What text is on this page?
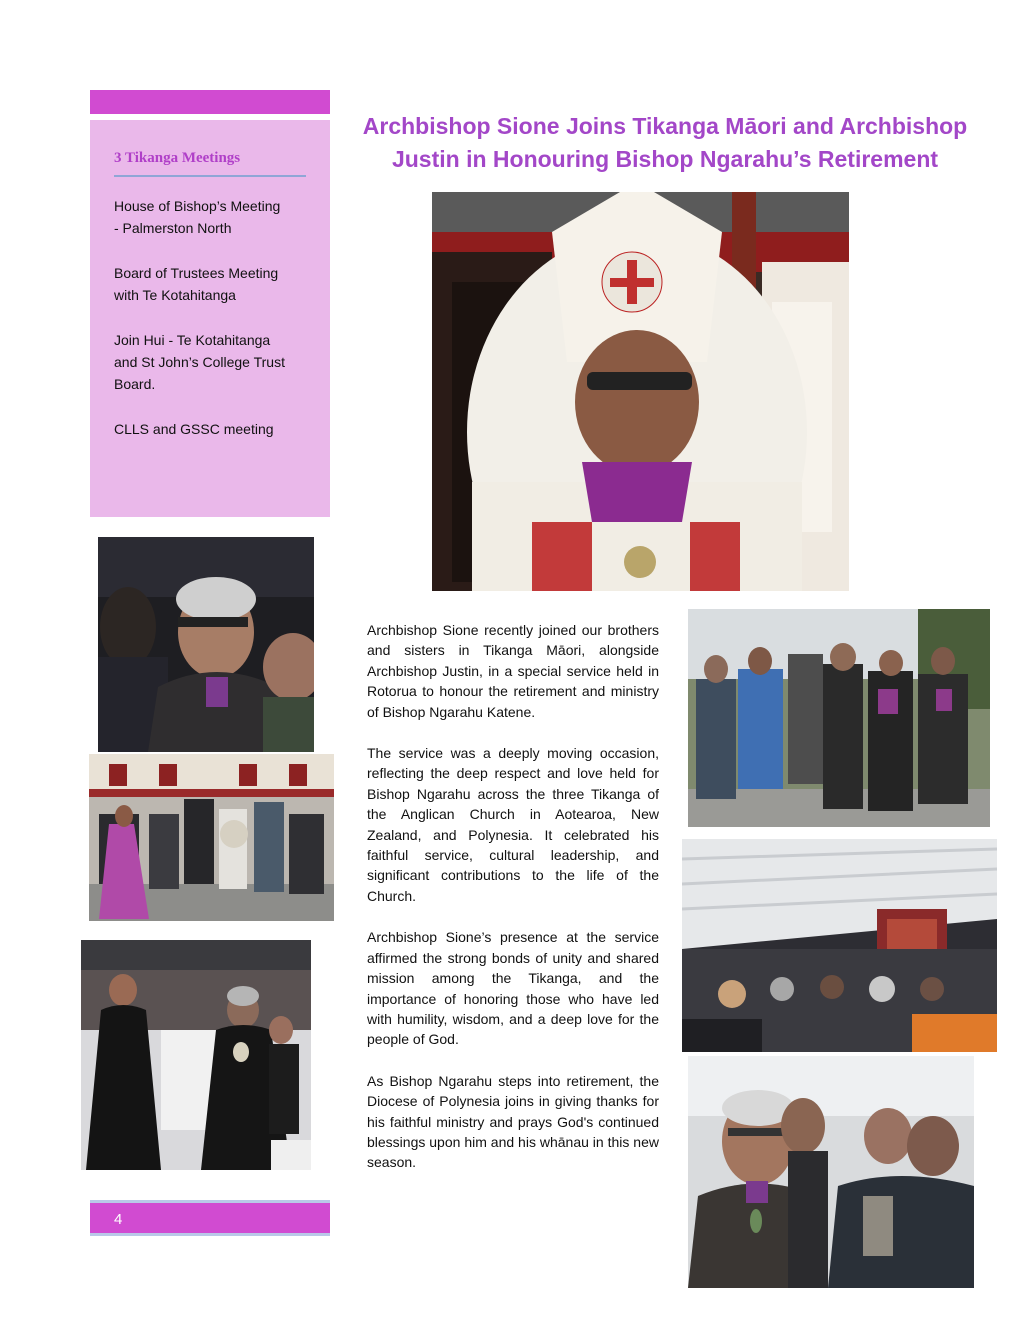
3 Tikanga Meetings
House of Bishop’s Meeting
- Palmerston North
Board of Trustees Meeting
with Te Kotahitanga
Join Hui - Te Kotahitanga
and St John’s College Trust
Board.
CLLS and GSSC meeting
Archbishop Sione Joins Tikanga Māori and Archbishop
Justin in Honouring Bishop Ngarahu’s Retirement

Archbishop Sione recently joined our brothers and sisters in Tikanga Māori, alongside Archbishop Justin, in a special service held in Rotorua to honour the retirement and ministry of Bishop Ngarahu Katene.

The service was a deeply moving occasion, reflecting the deep respect and love held for Bishop Ngarahu across the three Tikanga of the Anglican Church in Aotearoa, New Zealand, and Polynesia. It celebrated his faithful service, cultural leadership, and significant contributions to the life of the Church.

Archbishop Sione’s presence at the service affirmed the strong bonds of unity and shared mission among the Tikanga, and the importance of honoring those who have led with humility, wisdom, and a deep love for the people of God.

As Bishop Ngarahu steps into retirement, the Diocese of Polynesia joins in giving thanks for his faithful ministry and prays God's continued blessings upon him and his whānau in this new season.

4
